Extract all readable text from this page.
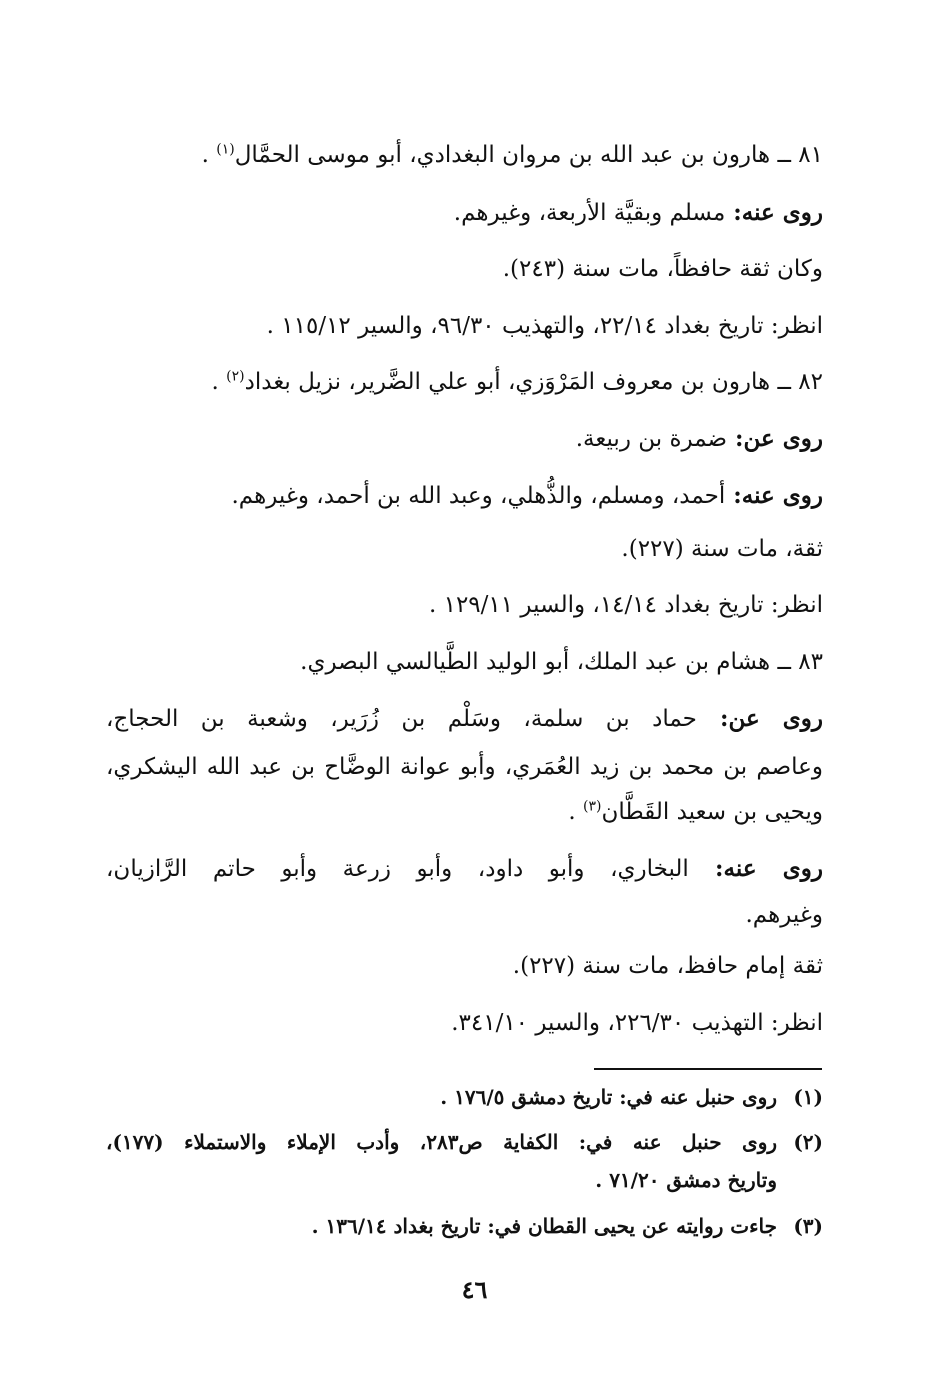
٨١ ــ هارون بن عبد الله بن مروان البغدادي، أبو موسى الحمَّال$^{(١)}$ .
روى عنه: مسلم وبقيَّة الأربعة، وغيرهم.
وكان ثقة حافظاً، مات سنة (٢٤٣).
انظر: تاريخ بغداد ٢٢/١٤، والتهذيب ٩٦/٣٠، والسير ١١٥/١٢ .
٨٢ ــ هارون بن معروف المَرْوَزي، أبو علي الضَّرير، نزيل بغداد$^{(٢)}$ .
روى عن: ضمرة بن ربيعة.
روى عنه: أحمد، ومسلم، والذُّهلي، وعبد الله بن أحمد، وغيرهم.
ثقة، مات سنة (٢٢٧).
انظر: تاريخ بغداد ١٤/١٤، والسير ١٢٩/١١ .
٨٣ ــ هشام بن عبد الملك، أبو الوليد الطَّيالسي البصري.
روى عن: حماد بن سلمة، وسَلْم بن زُرَير، وشعبة بن الحجاج،
وعاصم بن محمد بن زيد العُمَري، وأبو عوانة الوضَّاح بن عبد الله اليشكري،
ويحيى بن سعيد القَطَّان$^{(٣)}$ .
روى عنه: البخاري، وأبو داود، وأبو زرعة وأبو حاتم الرَّازيان،
وغيرهم.
ثقة إمام حافظ، مات سنة (٢٢٧).
انظر: التهذيب ٢٢٦/٣٠، والسير ٣٤١/١٠.
(١)روى حنبل عنه في: تاريخ دمشق ١٧٦/٥ .
(٢)روى حنبل عنه في: الكفاية ص٢٨٣، وأدب الإملاء والاستملاء (١٧٧)،
وتاريخ دمشق ٧١/٢٠ .
(٣)جاءت روايته عن يحيى القطان في: تاريخ بغداد ١٣٦/١٤ .
٤٦
